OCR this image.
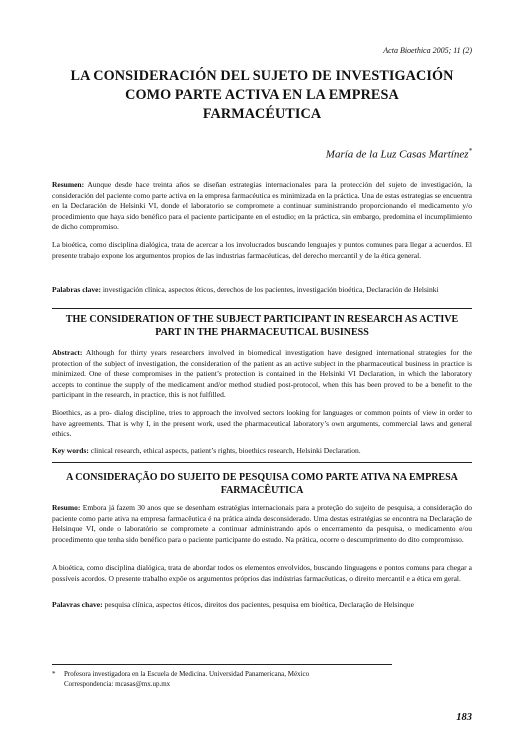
Acta Bioethica 2005; 11 (2)
LA CONSIDERACIÓN DEL SUJETO DE INVESTIGACIÓN COMO PARTE ACTIVA EN LA EMPRESA FARMACÉUTICA
María de la Luz Casas Martínez*

Resumen: Aunque desde hace treinta años se diseñan estrategias internacionales para la protección del sujeto de investigación, la consideración del paciente como parte activa en la empresa farmacéutica es minimizada en la práctica. Una de estas estrategias se encuentra en la Declaración de Helsinki VI, donde el laboratorio se compromete a continuar suministrando proporcionando el medicamento y/o procedimiento que haya sido benéfico para el paciente participante en el estudio; en la práctica, sin embargo, predomina el incumplimiento de dicho compromiso.

La bioética, como disciplina dialógica, trata de acercar a los involucrados buscando lenguajes y puntos comunes para llegar a acuerdos. El presente trabajo expone los argumentos propios de las industrias farmacéuticas, del derecho mercantil y de la ética general.

Palabras clave: investigación clínica, aspectos éticos, derechos de los pacientes, investigación bioética, Declaración de Helsinki

THE CONSIDERATION OF THE SUBJECT PARTICIPANT IN RESEARCH AS ACTIVE PART IN THE PHARMACEUTICAL BUSINESS

Abstract: Although for thirty years researchers involved in biomedical investigation have designed international strategies for the protection of the subject of investigation, the consideration of the patient as an active subject in the pharmaceutical business in practice is minimized. One of these compromises in the patient’s protection is contained in the Helsinki VI Declaration, in which the laboratory accepts to continue the supply of the medicament and/or method studied post-protocol, when this has been proved to be a benefit to the participant in the research, in practice, this is not fulfilled.

Bioethics, as a pro- dialog discipline, tries to approach the involved sectors looking for languages or common points of view in order to have agreements. That is why I, in the present work, used the pharmaceutical laboratory’s own arguments, commercial laws and general ethics.

Key words: clinical research, ethical aspects, patient’s rights, bioethics research, Helsinki Declaration.

A CONSIDERAÇÃO DO SUJEITO DE PESQUISA COMO PARTE ATIVA NA EMPRESA FARMACÊUTICA

Resumo: Embora já fazem 30 anos que se desenham estratégias internacionais para a proteção do sujeito de pesquisa, a consideração do paciente como parte ativa na empresa farmacêutica é na prática ainda desconsiderado. Uma destas estratégias se encontra na Declaração de Helsinque VI, onde o laboratório se compromete a continuar administrando após o encerramento da pesquisa, o medicamento e/ou procedimento que tenha sido benéfico para o paciente participante do estudo. Na prática, ocorre o descumprimento do dito compromisso.

A bioética, como disciplina dialógica, trata de abordar todos os elementos envolvidos, buscando linguagens e pontos comuns para chegar a possíveis acordos. O presente trabalho expõe os argumentos próprios das indústrias farmacêuticas, o direito mercantil e a ética em geral.

Palavras chave: pesquisa clínica, aspectos éticos, direitos dos pacientes, pesquisa em bioética, Declaração de Helsinque

* Profesora investigadora en la Escuela de Medicina. Universidad Panamericana, México
Correspondencia: mcasas@mx.up.mx
183
